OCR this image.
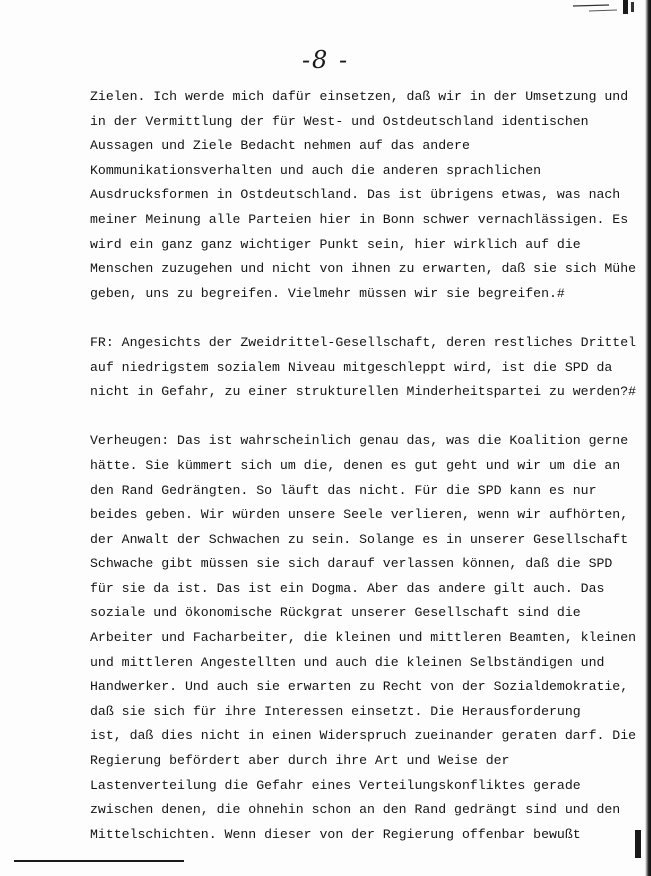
-8 -
Zielen. Ich werde mich dafür einsetzen, daß wir in der Umsetzung und
in der Vermittlung der für West- und Ostdeutschland identischen
Aussagen und Ziele Bedacht nehmen auf das andere
Kommunikationsverhalten und auch die anderen sprachlichen
Ausdrucksformen in Ostdeutschland. Das ist übrigens etwas, was nach
meiner Meinung alle Parteien hier in Bonn schwer vernachlässigen. Es
wird ein ganz ganz wichtiger Punkt sein, hier wirklich auf die
Menschen zuzugehen und nicht von ihnen zu erwarten, daß sie sich Mühe
geben, uns zu begreifen. Vielmehr müssen wir sie begreifen.#
FR: Angesichts der Zweidrittel-Gesellschaft, deren restliches Drittel
auf niedrigstem sozialem Niveau mitgeschleppt wird, ist die SPD da
nicht in Gefahr, zu einer strukturellen Minderheitspartei zu werden?#
Verheugen: Das ist wahrscheinlich genau das, was die Koalition gerne
hätte. Sie kümmert sich um die, denen es gut geht und wir um die an
den Rand Gedrängten. So läuft das nicht. Für die SPD kann es nur
beides geben. Wir würden unsere Seele verlieren, wenn wir aufhörten,
der Anwalt der Schwachen zu sein. Solange es in unserer Gesellschaft
Schwache gibt müssen sie sich darauf verlassen können, daß die SPD
für sie da ist. Das ist ein Dogma. Aber das andere gilt auch. Das
soziale und ökonomische Rückgrat unserer Gesellschaft sind die
Arbeiter und Facharbeiter, die kleinen und mittleren Beamten, kleinen
und mittleren Angestellten und auch die kleinen Selbständigen und
Handwerker. Und auch sie erwarten zu Recht von der Sozialdemokratie,
daß sie sich für ihre Interessen einsetzt. Die Herausforderung
ist, daß dies nicht in einen Widerspruch zueinander geraten darf. Die
Regierung befördert aber durch ihre Art und Weise der
Lastenverteilung die Gefahr eines Verteilungskonfliktes gerade
zwischen denen, die ohnehin schon an den Rand gedrängt sind und den
Mittelschichten. Wenn dieser von der Regierung offenbar bewußt
